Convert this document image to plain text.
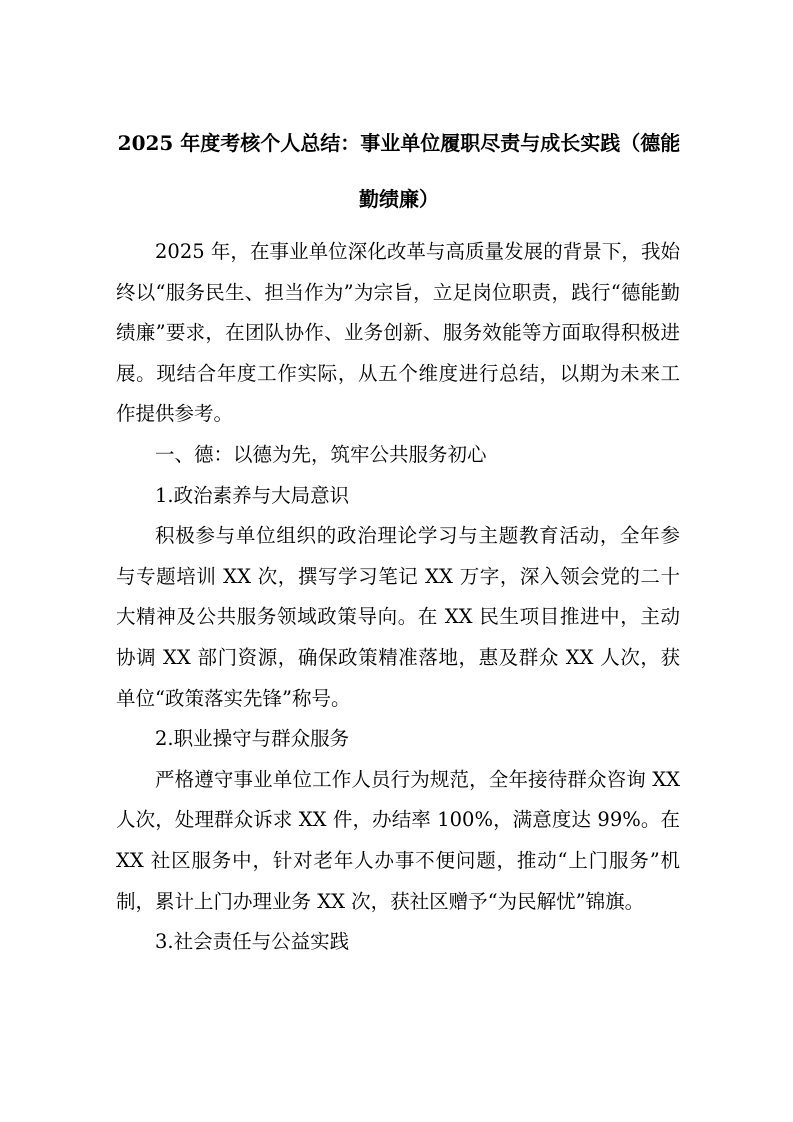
2025 年度考核个人总结：事业单位履职尽责与成长实践（德能勤绩廉）

2025 年，在事业单位深化改革与高质量发展的背景下，我始终以“服务民生、担当作为”为宗旨，立足岗位职责，践行“德能勤绩廉”要求，在团队协作、业务创新、服务效能等方面取得积极进展。现结合年度工作实际，从五个维度进行总结，以期为未来工作提供参考。

一、德：以德为先，筑牢公共服务初心

1.政治素养与大局意识

积极参与单位组织的政治理论学习与主题教育活动，全年参与专题培训 XX 次，撰写学习笔记 XX 万字，深入领会党的二十大精神及公共服务领域政策导向。在 XX 民生项目推进中，主动协调 XX 部门资源，确保政策精准落地，惠及群众 XX 人次，获单位“政策落实先锋”称号。

2.职业操守与群众服务

严格遵守事业单位工作人员行为规范，全年接待群众咨询 XX 人次，处理群众诉求 XX 件，办结率 100%，满意度达 99%。在 XX 社区服务中，针对老年人办事不便问题，推动“上门服务”机制，累计上门办理业务 XX 次，获社区赠予“为民解忧”锦旗。

3.社会责任与公益实践
